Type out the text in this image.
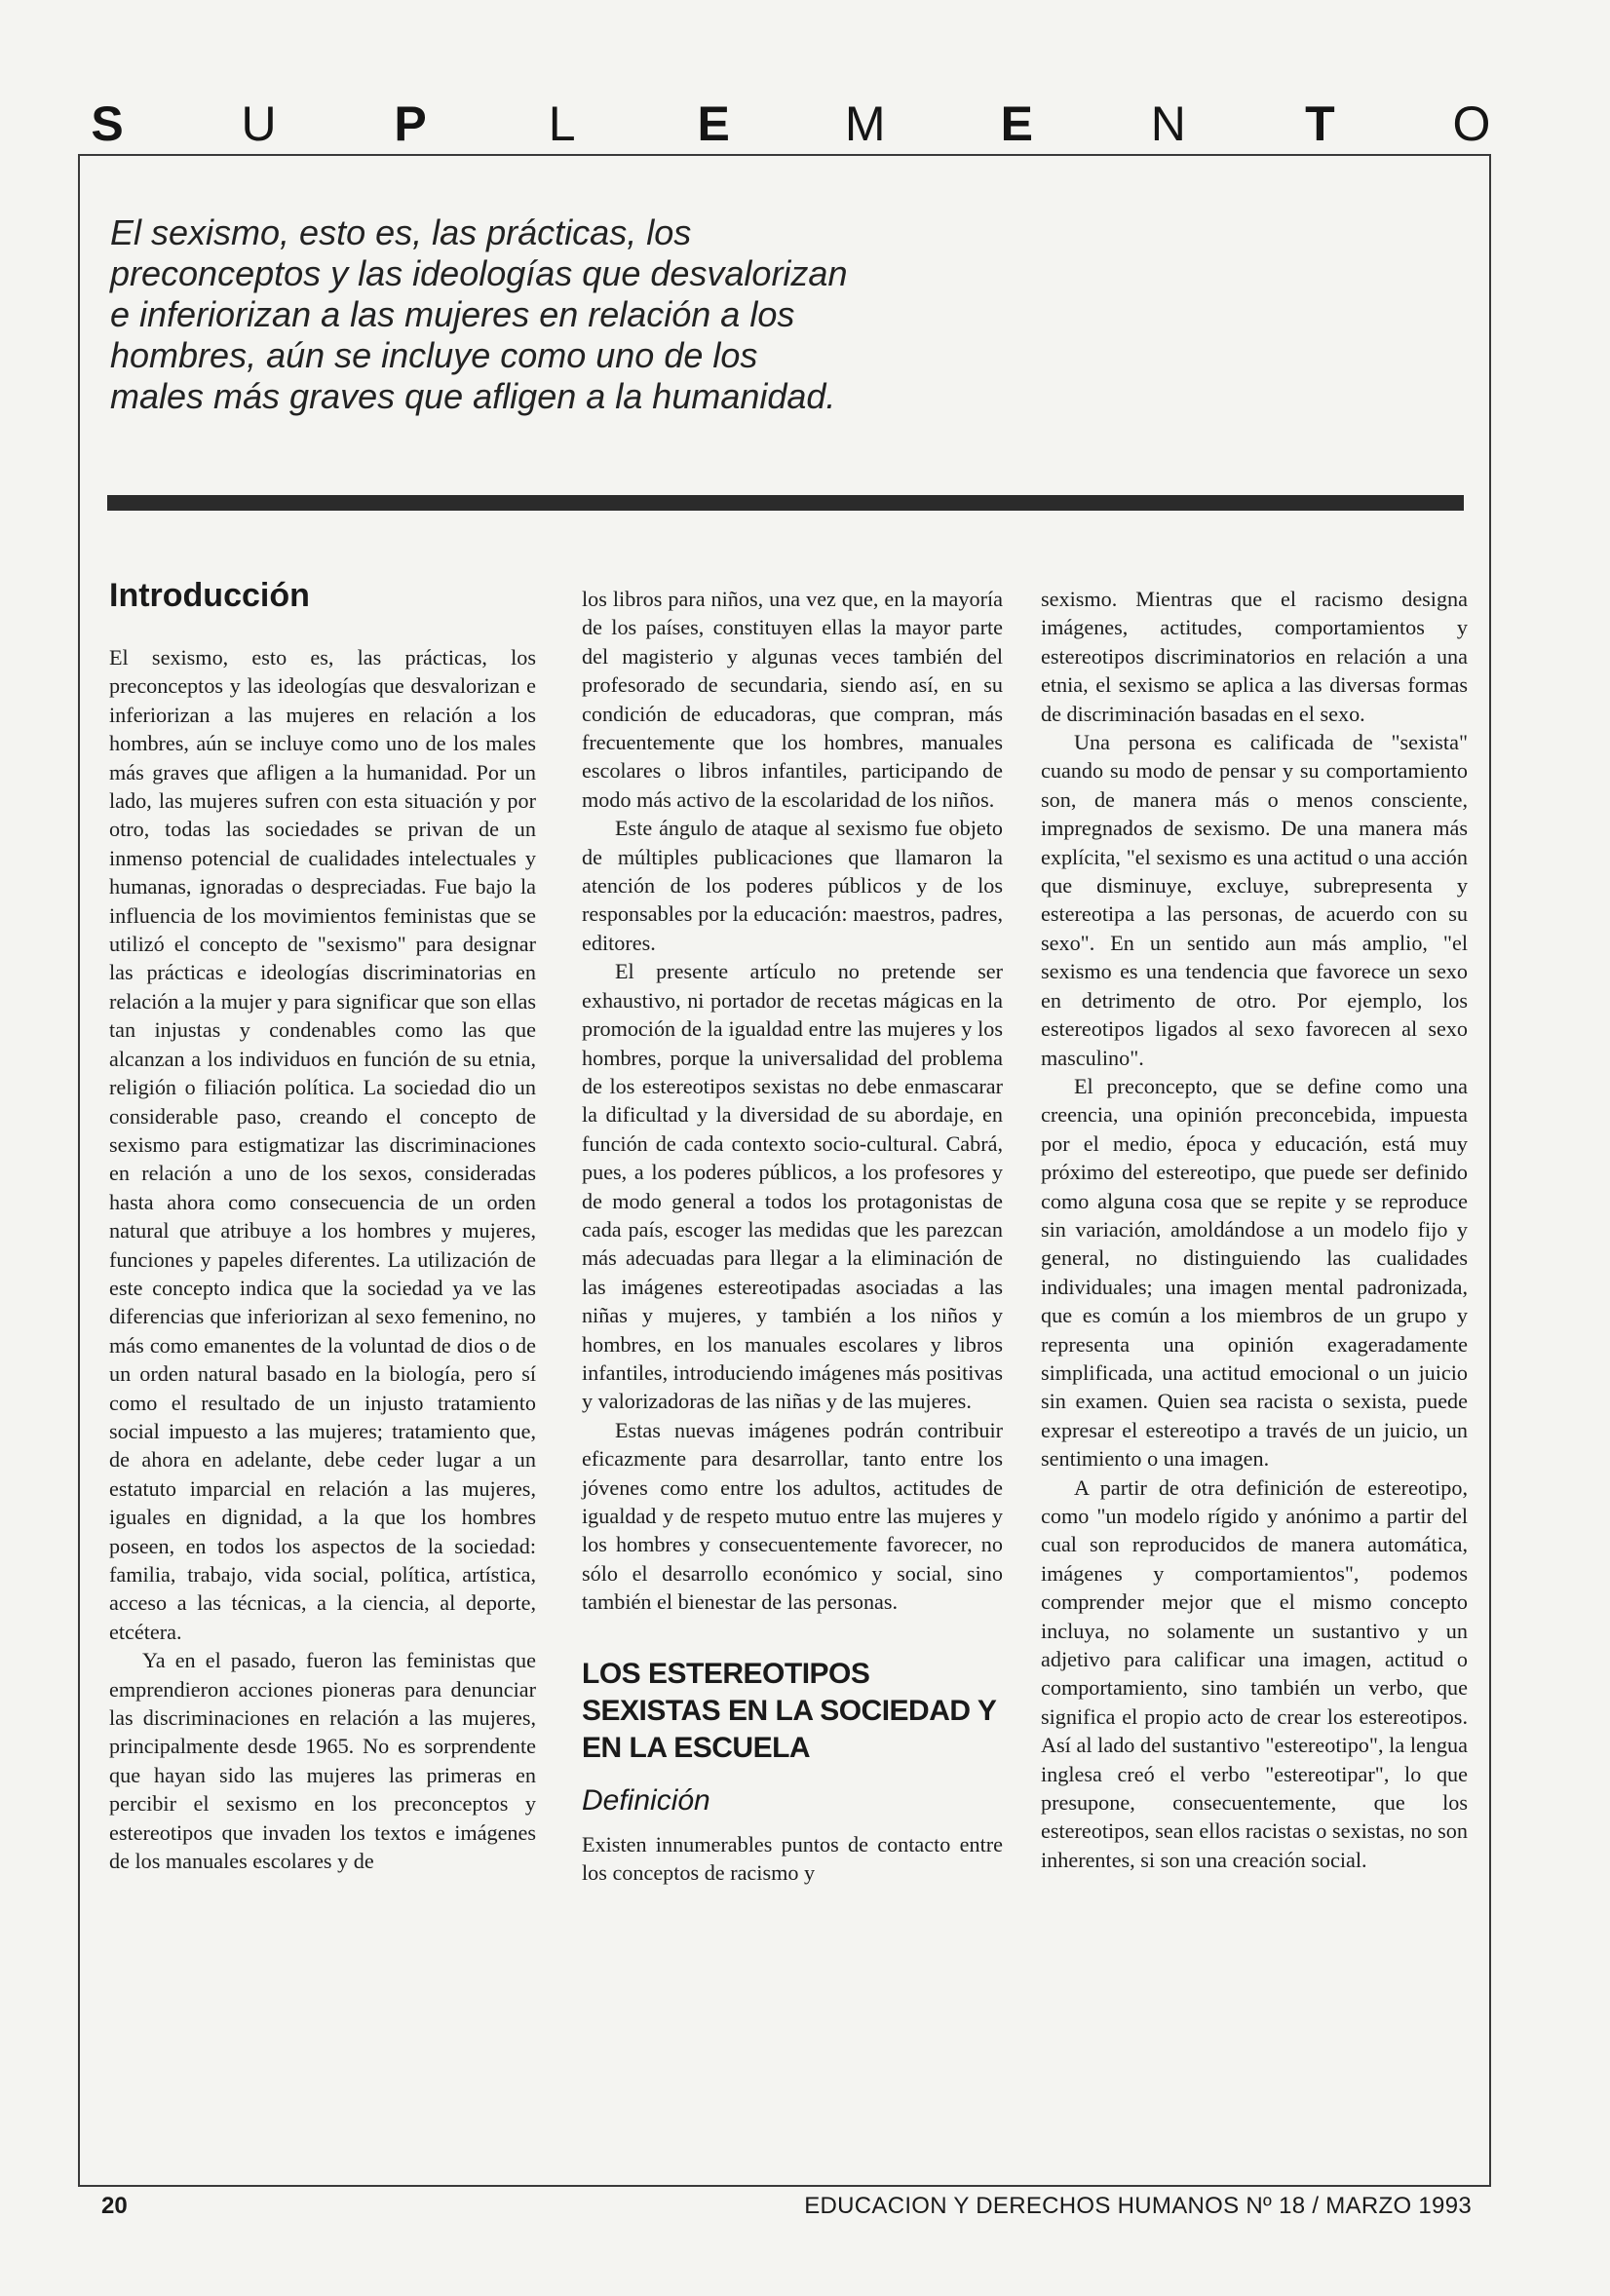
S U P	L	E M E N T O
El sexismo, esto es, las prácticas, los preconceptos y las ideologías que desvalorizan e inferiorizan a las mujeres en relación a los hombres, aún se incluye como uno de los males más graves que afligen a la humanidad.
Introducción

El sexismo, esto es, las prácticas, los preconceptos y las ideologías que desvalorizan e inferiorizan a las mujeres en relación a los hombres, aún se incluye como uno de los males más graves que afligen a la humanidad. Por un lado, las mujeres sufren con esta situación y por otro, todas las sociedades se privan de un inmenso potencial de cualidades intelectuales y humanas, ignoradas o despreciadas. Fue bajo la influencia de los movimientos feministas que se utilizó el concepto de "sexismo" para designar las prácticas e ideologías discriminatorias en relación a la mujer y para significar que son ellas tan injustas y condenables como las que alcanzan a los individuos en función de su etnia, religión o filiación política. La sociedad dio un considerable paso, creando el concepto de sexismo para estigmatizar las discriminaciones en relación a uno de los sexos, consideradas hasta ahora como consecuencia de un orden natural que atribuye a los hombres y mujeres, funciones y papeles diferentes. La utilización de este concepto indica que la sociedad ya ve las diferencias que inferiorizan al sexo femenino, no más como emanentes de la voluntad de dios o de un orden natural basado en la biología, pero sí como el resultado de un injusto tratamiento social impuesto a las mujeres; tratamiento que, de ahora en adelante, debe ceder lugar a un estatuto imparcial en relación a las mujeres, iguales en dignidad, a la que los hombres poseen, en todos los aspectos de la sociedad: familia, trabajo, vida social, política, artística, acceso a las técnicas, a la ciencia, al deporte, etcétera.

Ya en el pasado, fueron las feministas que emprendieron acciones pioneras para denunciar las discriminaciones en relación a las mujeres, principalmente desde 1965. No es sorprendente que hayan sido las mujeres las primeras en percibir el sexismo en los preconceptos y estereotipos que invaden los textos e imágenes de los manuales escolares y de

los libros para niños, una vez que, en la mayoría de los países, constituyen ellas la mayor parte del magisterio y algunas veces también del profesorado de secundaria, siendo así, en su condición de educadoras, que compran, más frecuentemente que los hombres, manuales escolares o libros infantiles, participando de modo más activo de la escolaridad de los niños.

Este ángulo de ataque al sexismo fue objeto de múltiples publicaciones que llamaron la atención de los poderes públicos y de los responsables por la educación: maestros, padres, editores.

El presente artículo no pretende ser exhaustivo, ni portador de recetas mágicas en la promoción de la igualdad entre las mujeres y los hombres, porque la universalidad del problema de los estereotipos sexistas no debe enmascarar la dificultad y la diversidad de su abordaje, en función de cada contexto socio-cultural. Cabrá, pues, a los poderes públicos, a los profesores y de modo general a todos los protagonistas de cada país, escoger las medidas que les parezcan más adecuadas para llegar a la eliminación de las imágenes estereotipadas asociadas a las niñas y mujeres, y también a los niños y hombres, en los manuales escolares y libros infantiles, introduciendo imágenes más positivas y valorizadoras de las niñas y de las mujeres.

Estas nuevas imágenes podrán contribuir eficazmente para desarrollar, tanto entre los jóvenes como entre los adultos, actitudes de igualdad y de respeto mutuo entre las mujeres y los hombres y consecuentemente favorecer, no sólo el desarrollo económico y social, sino también el bienestar de las personas.

LOS ESTEREOTIPOS SEXISTAS EN LA SOCIEDAD Y EN LA ESCUELA
Definición

Existen innumerables puntos de contacto entre los conceptos de racismo y

sexismo. Mientras que el racismo designa imágenes, actitudes, comportamientos y estereotipos discriminatorios en relación a una etnia, el sexismo se aplica a las diversas formas de discriminación basadas en el sexo.

Una persona es calificada de "sexista" cuando su modo de pensar y su comportamiento son, de manera más o menos consciente, impregnados de sexismo. De una manera más explícita, "el sexismo es una actitud o una acción que disminuye, excluye, subrepresenta y estereotipa a las personas, de acuerdo con su sexo". En un sentido aun más amplio, "el sexismo es una tendencia que favorece un sexo en detrimento de otro. Por ejemplo, los estereotipos ligados al sexo favorecen al sexo masculino".

El preconcepto, que se define como una creencia, una opinión preconcebida, impuesta por el medio, época y educación, está muy próximo del estereotipo, que puede ser definido como alguna cosa que se repite y se reproduce sin variación, amoldándose a un modelo fijo y general, no distinguiendo las cualidades individuales; una imagen mental padronizada, que es común a los miembros de un grupo y representa una opinión exageradamente simplificada, una actitud emocional o un juicio sin examen. Quien sea racista o sexista, puede expresar el estereotipo a través de un juicio, un sentimiento o una imagen.

A partir de otra definición de estereotipo, como "un modelo rígido y anónimo a partir del cual son reproducidos de manera automática, imágenes y comportamientos", podemos comprender mejor que el mismo concepto incluya, no solamente un sustantivo y un adjetivo para calificar una imagen, actitud o comportamiento, sino también un verbo, que significa el propio acto de crear los estereotipos. Así al lado del sustantivo "estereotipo", la lengua inglesa creó el verbo "estereotipar", lo que presupone, consecuentemente, que los estereotipos, sean ellos racistas o sexistas, no son inherentes, si son una creación social.

20	EDUCACION Y DERECHOS HUMANOS Nº 18 / MARZO 1993
